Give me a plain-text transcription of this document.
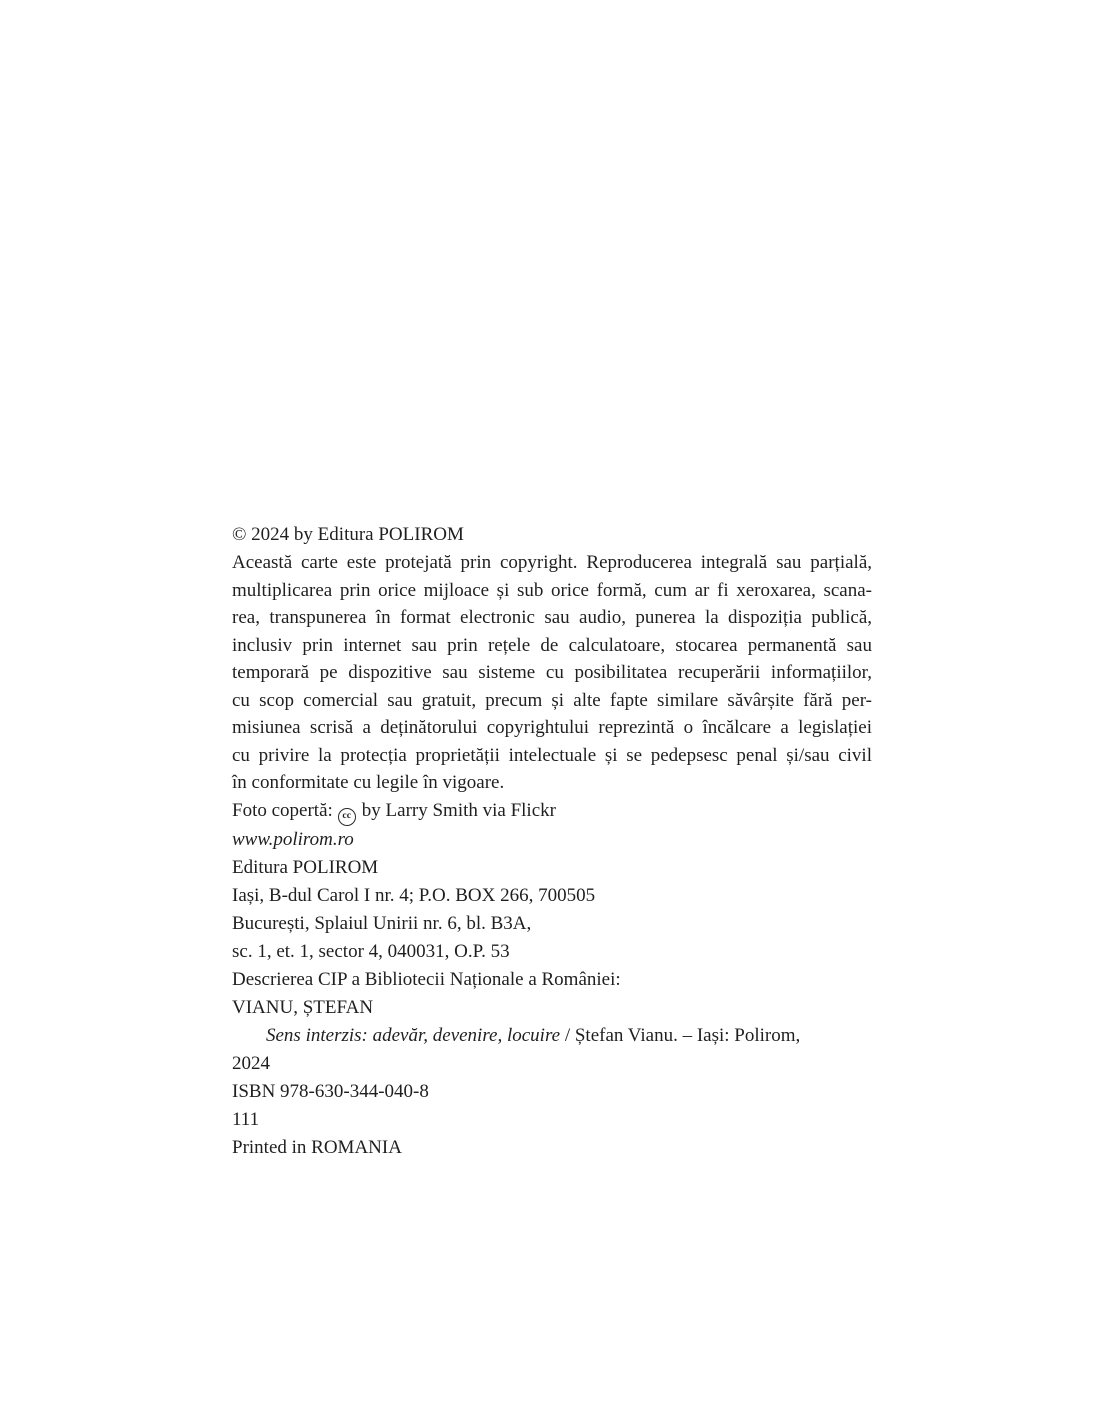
© 2024 by Editura POLIROM

Această carte este protejată prin copyright. Reproducerea integrală sau parțială,
multiplicarea prin orice mijloace și sub orice formă, cum ar fi xeroxarea, scana-
rea, transpunerea în format electronic sau audio, punerea la dispoziția publică,
inclusiv prin internet sau prin rețele de calculatoare, stocarea permanentă sau
temporară pe dispozitive sau sisteme cu posibilitatea recuperării informațiilor,
cu scop comercial sau gratuit, precum și alte fapte similare săvârșite fără per-
misiunea scrisă a deținătorului copyrightului reprezintă o încălcare a legislației
cu privire la protecția proprietății intelectuale și se pedepsesc penal și/sau civil
în conformitate cu legile în vigoare.

Foto copertă: cc by Larry Smith via Flickr

www.polirom.ro

Editura POLIROM
Iași, B-dul Carol I nr. 4; P.O. BOX 266, 700505
București, Splaiul Unirii nr. 6, bl. B3A,
sc. 1, et. 1, sector 4, 040031, O.P. 53

Descrierea CIP a Bibliotecii Naționale a României:

VIANU, ȘTEFAN

Sens interzis: adevăr, devenire, locuire / Ștefan Vianu. – Iași: Polirom,
2024

ISBN 978-630-344-040-8

111

Printed in ROMANIA
